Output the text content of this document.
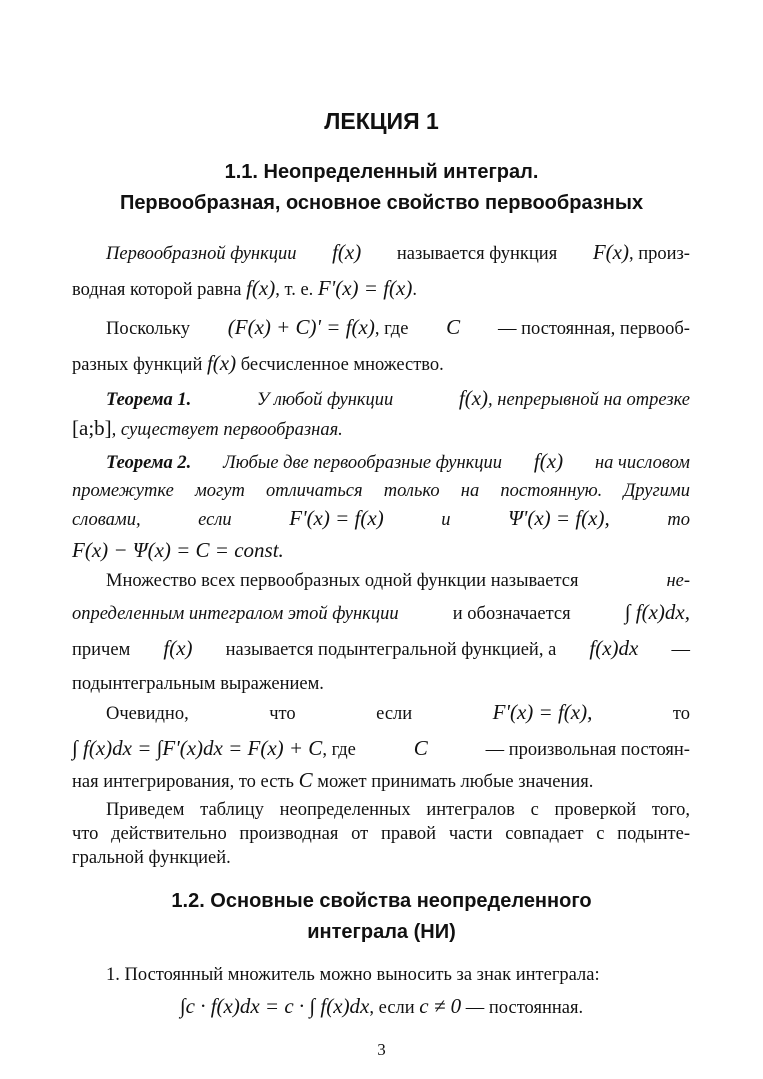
ЛЕКЦИЯ 1
1.1. Неопределенный интеграл.
Первообразная, основное свойство первообразных
Первообразной функции f(x) называется функция F(x), произ-
водная которой равна f(x), т. е. F'(x) = f(x).
Поскольку (F(x) + C)' = f(x), где C — постоянная, первооб-
разных функций f(x) бесчисленное множество.
Теорема 1.	У любой функции	f(x), непрерывной на отрезке
[a;b], существует первообразная.
Теорема 2. Любые две первообразные функции f(x) на числовом
промежутке могут отличаться только на постоянную. Другими
словами,	если	F'(x) = f(x)	и	Ψ'(x) = f(x),	то
F(x) − Ψ(x) = C = const.
Множество всех первообразных одной функции называется	не-
определенным интегралом этой функции	и обозначается	∫ f(x)dx,
причем f(x) называется подынтегральной функцией, а f(x)dx —
подынтегральным выражением.
Очевидно,	что	если	F'(x) = f(x),	то
∫ f(x)dx = ∫F'(x)dx = F(x) + C, где	C	— произвольная постоян-
ная интегрирования, то есть C может принимать любые значения.
Приведем таблицу неопределенных интегралов с проверкой того,
что действительно производная от правой части совпадает с подынте-
гральной функцией.
1.2. Основные свойства неопределенного
интеграла (НИ)
1. Постоянный множитель можно выносить за знак интеграла:
∫c · f(x)dx = c · ∫ f(x)dx, если c ≠ 0 — постоянная.
3
